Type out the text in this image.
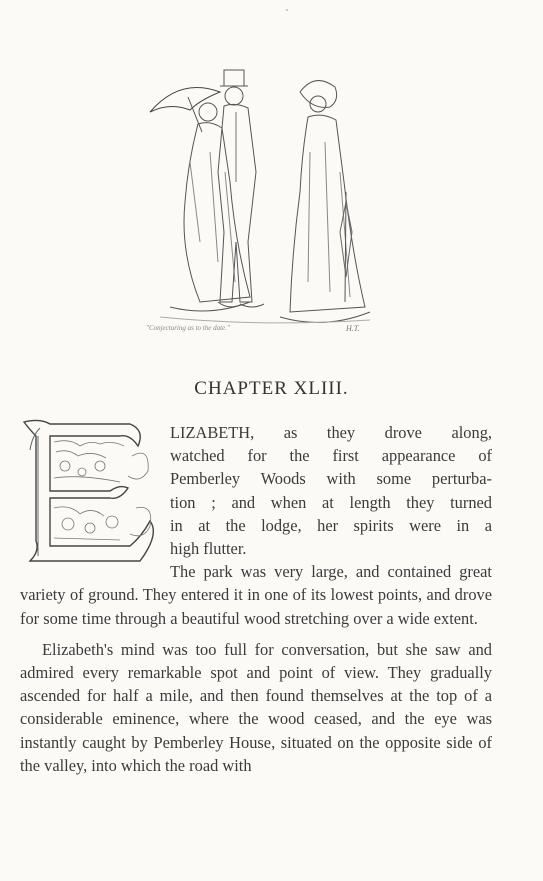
"Conjecturing as to the date."	H.T.
CHAPTER XLIII.
LIZABETH, as they drove along,
watched for the first appearance of
Pemberley Woods with some perturba-
tion ; and when at length they turned
in at the lodge, her spirits were in a
high flutter.
The park was very large, and contained great variety of ground. They entered it in one of its lowest points, and drove for some time through a beautiful wood stretching over a wide extent.
Elizabeth's mind was too full for conversation, but she saw and admired every remarkable spot and point of view. They gradually ascended for half a mile, and then found themselves at the top of a considerable eminence, where the wood ceased, and the eye was instantly caught by Pemberley House, situated on the opposite side of the valley, into which the road with
